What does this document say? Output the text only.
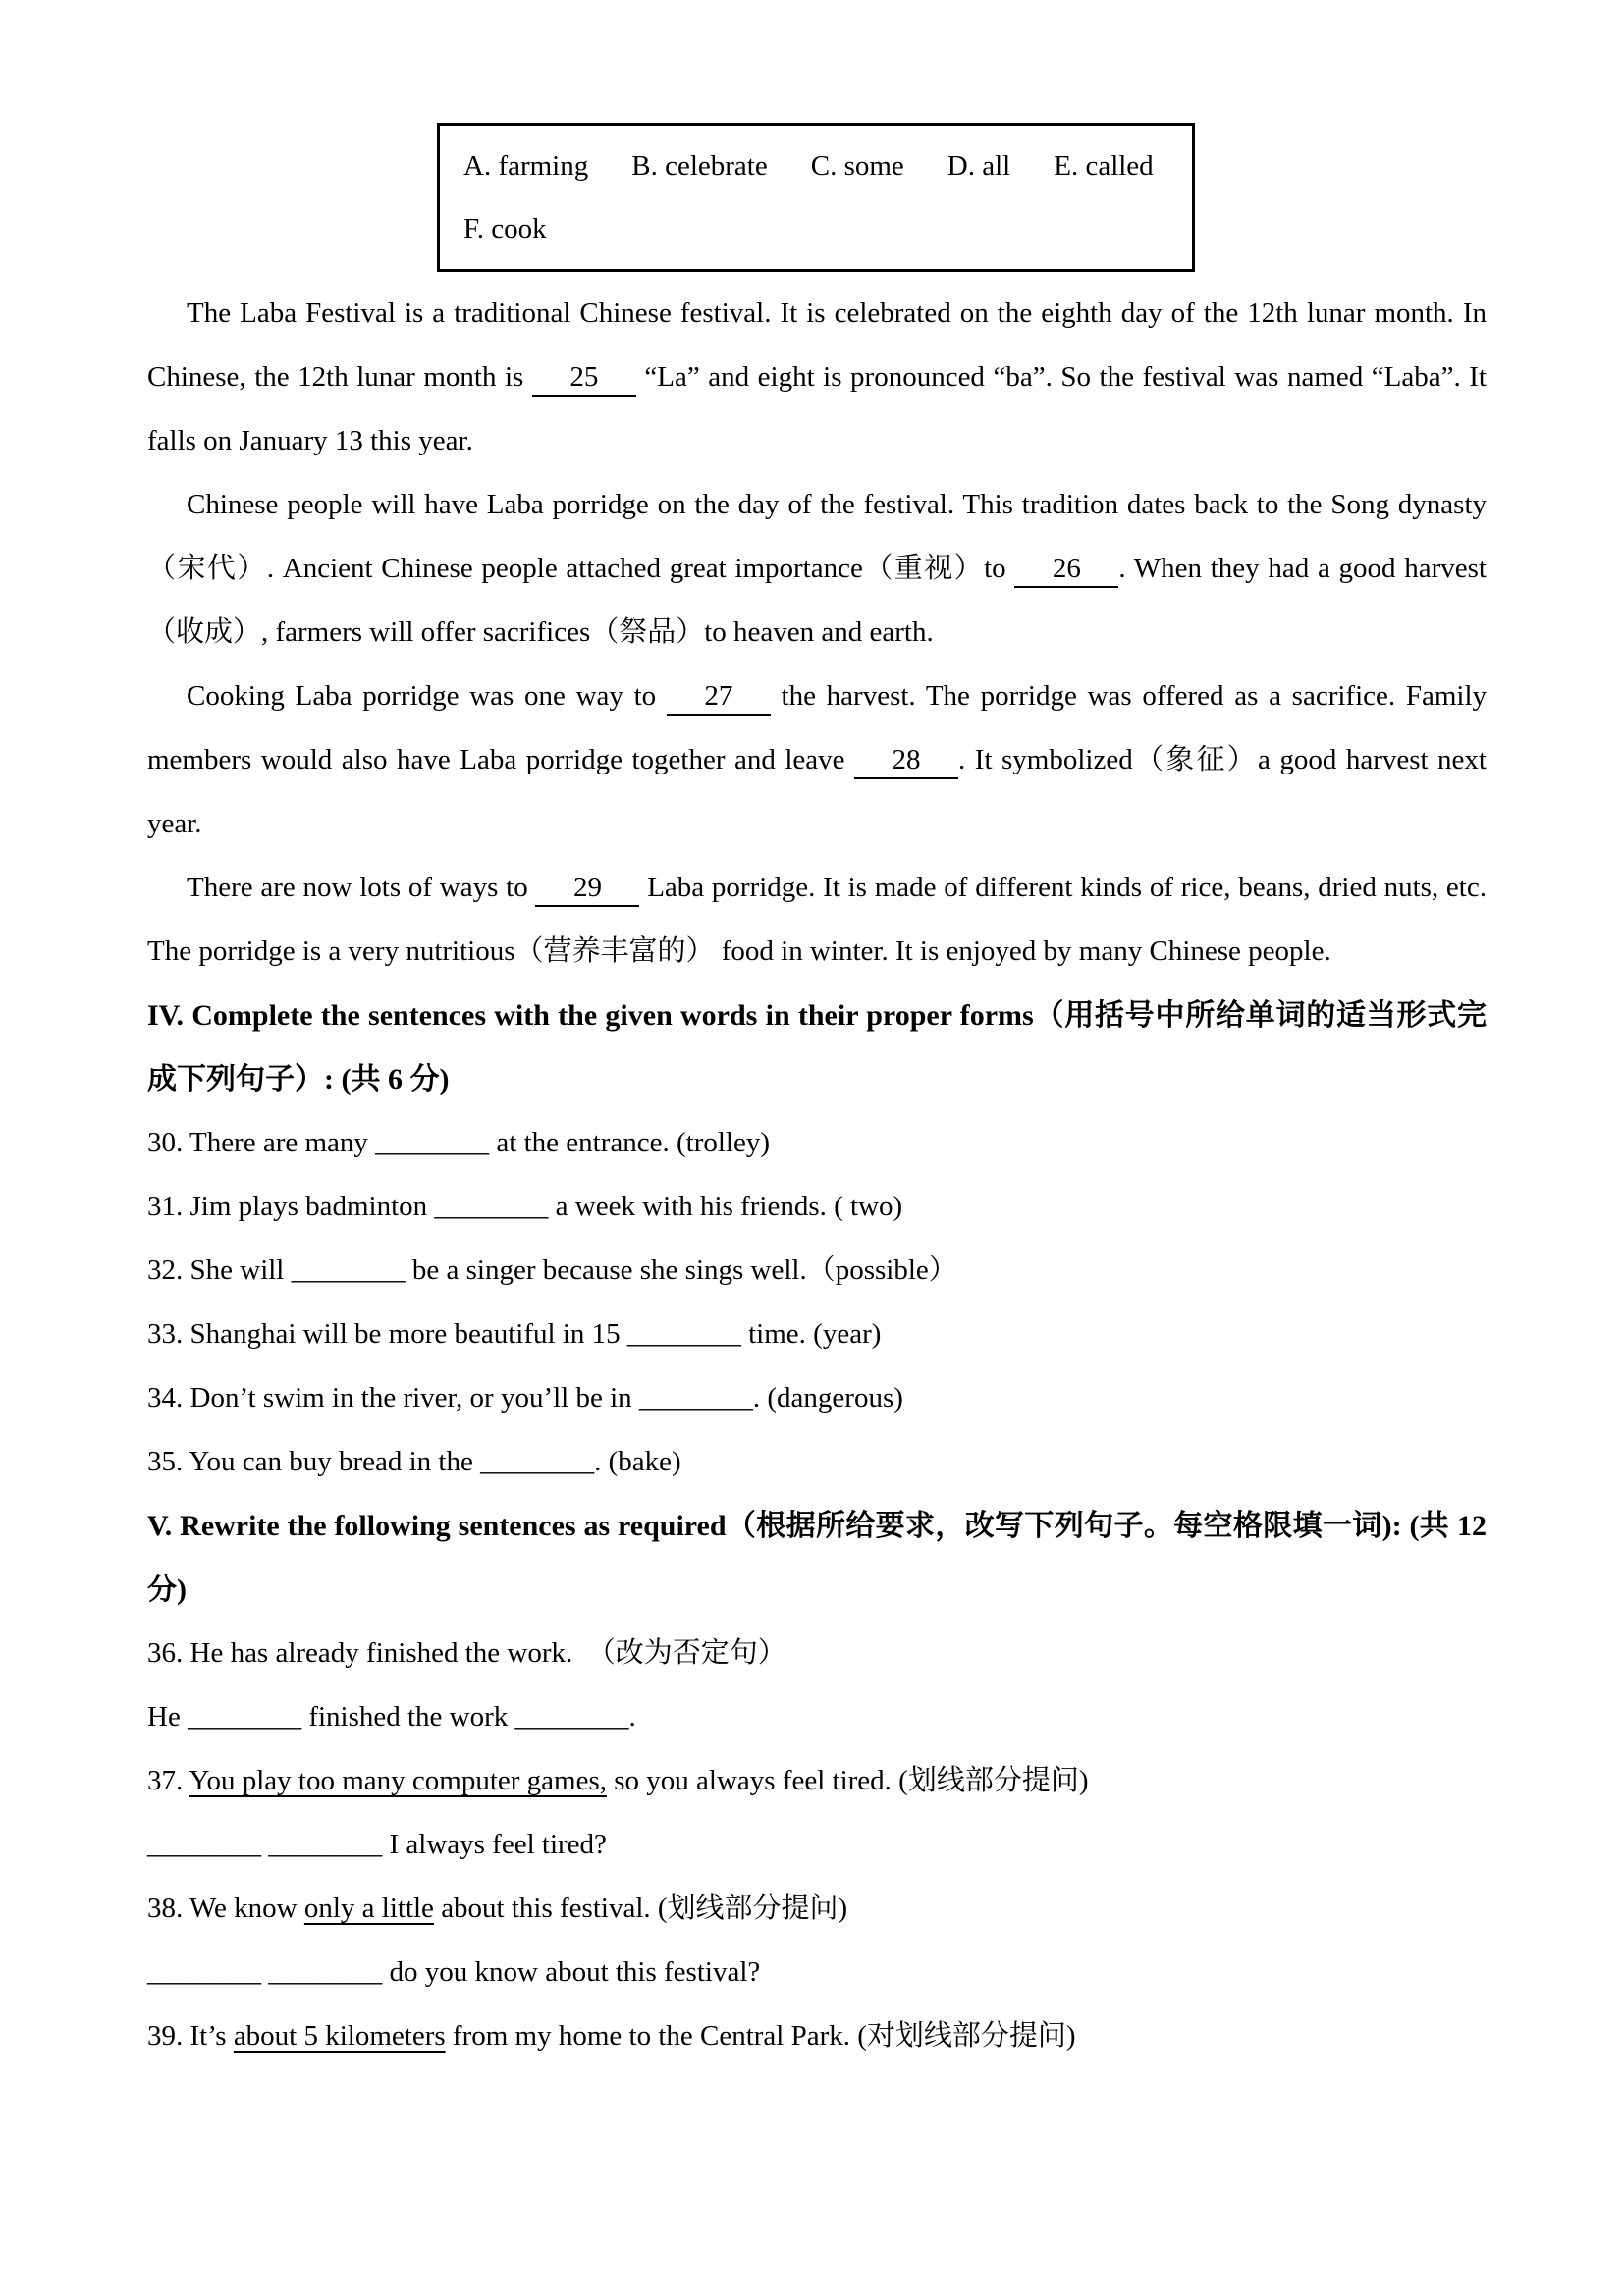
A. farming B. celebrate C. some D. all E. called
F. cook

The Laba Festival is a traditional Chinese festival. It is celebrated on the eighth day of the 12th lunar month. In Chinese, the 12th lunar month is 25 “La” and eight is pronounced “ba”. So the festival was named “Laba”. It falls on January 13 this year.

Chinese people will have Laba porridge on the day of the festival. This tradition dates back to the Song dynasty（宋代）. Ancient Chinese people attached great importance（重视）to 26 . When they had a good harvest（收成）, farmers will offer sacrifices（祭品）to heaven and earth.

Cooking Laba porridge was one way to 27 the harvest. The porridge was offered as a sacrifice. Family members would also have Laba porridge together and leave 28 . It symbolized（象征）a good harvest next year.

There are now lots of ways to 29 Laba porridge. It is made of different kinds of rice, beans, dried nuts, etc. The porridge is a very nutritious（营养丰富的） food in winter. It is enjoyed by many Chinese people.

IV. Complete the sentences with the given words in their proper forms（用括号中所给单词的适当形式完成下列句子）: (共 6 分)

30. There are many ________ at the entrance. (trolley)

31. Jim plays badminton ________ a week with his friends. ( two)

32. She will ________ be a singer because she sings well.（possible）

33. Shanghai will be more beautiful in 15 ________ time. (year)

34. Don’t swim in the river, or you’ll be in ________. (dangerous)

35. You can buy bread in the ________. (bake)

V. Rewrite the following sentences as required（根据所给要求，改写下列句子。每空格限填一词): (共 12 分)

36. He has already finished the work.　（改为否定句）

He ________ finished the work ________.

37. You play too many computer games, so you always feel tired. (划线部分提问)

________ ________ I always feel tired?

38. We know only a little about this festival. (划线部分提问)

________ ________ do you know about this festival?

39. It’s about 5 kilometers from my home to the Central Park. (对划线部分提问)
